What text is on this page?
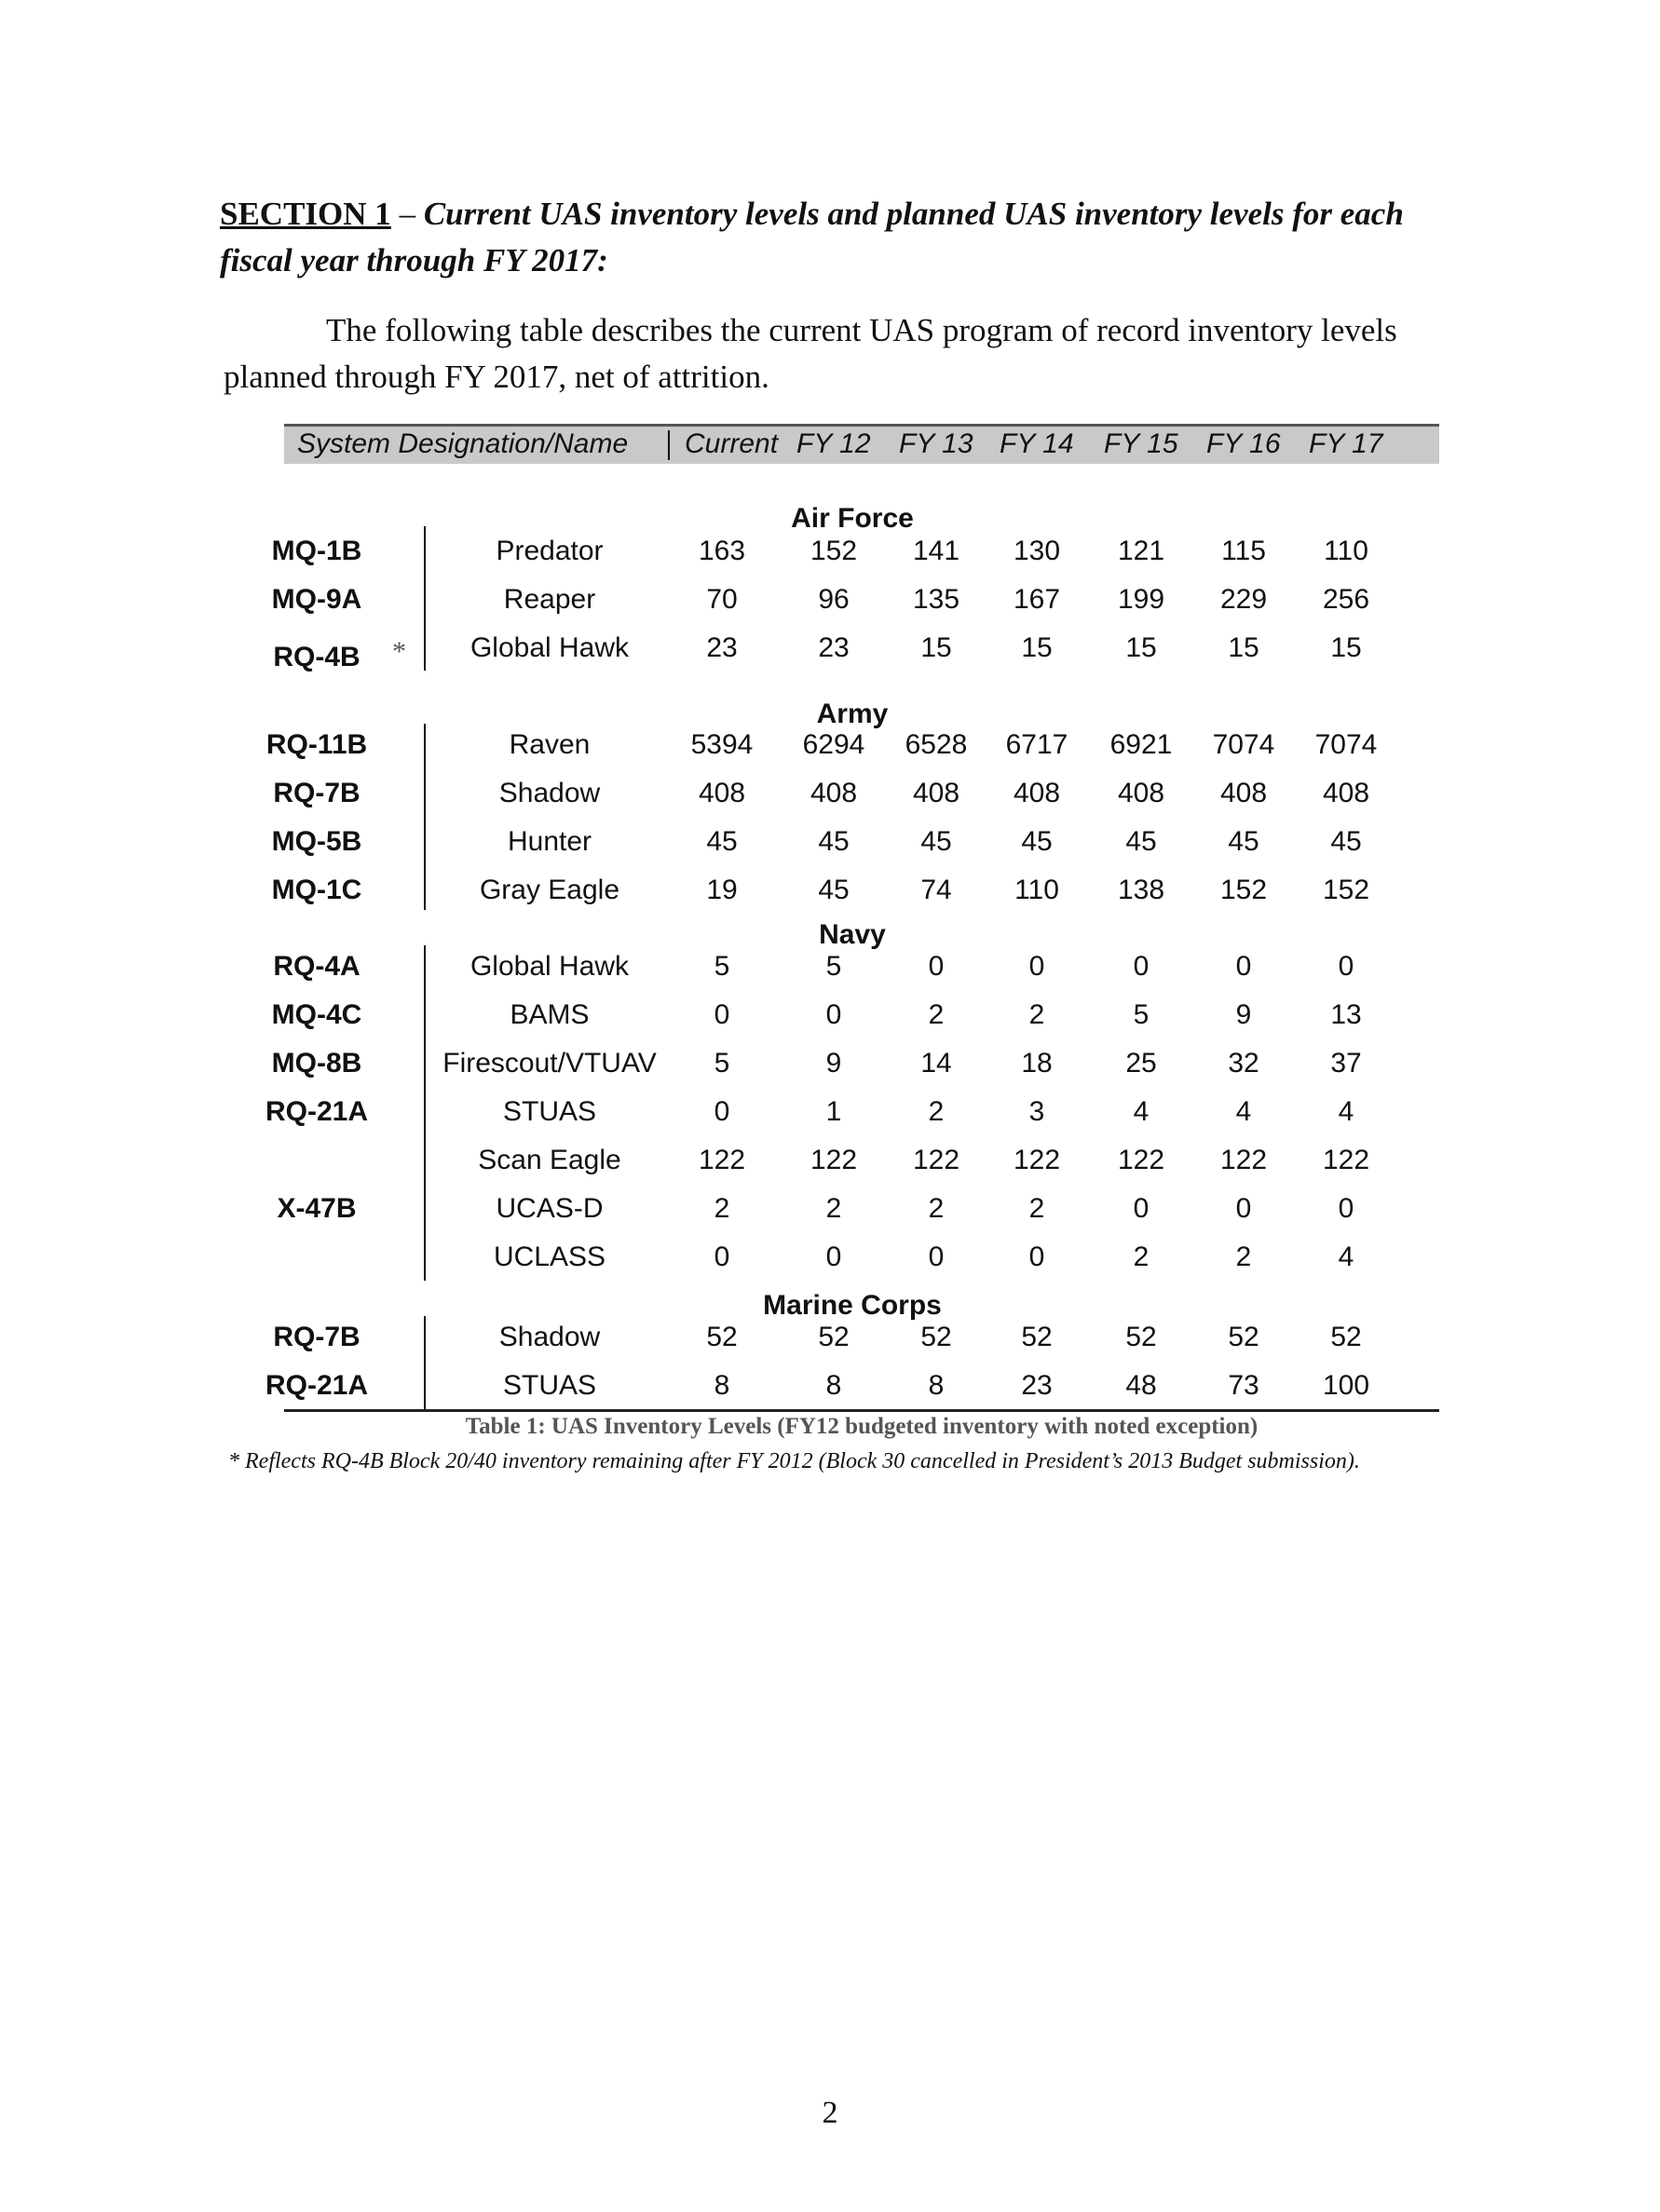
SECTION 1 – Current UAS inventory levels and planned UAS inventory levels for each fiscal year through FY 2017:
The following table describes the current UAS program of record inventory levels planned through FY 2017, net of attrition.
System Designation/Name Current FY 12 FY 13 FY 14 FY 15 FY 16 FY 17
Air Force
MQ-1B	Predator	163	152	141	130	121	115	110
MQ-9A	Reaper	70	96	135	167	199	229	256
RQ-4B	*	Global Hawk	23	23	15	15	15	15	15
Army
RQ-11B	Raven	5394	6294	6528	6717	6921	7074	7074
RQ-7B	Shadow	408	408	408	408	408	408	408
MQ-5B	Hunter	45	45	45	45	45	45	45
MQ-1C	Gray Eagle	19	45	74	110	138	152	152
Navy
RQ-4A	Global Hawk	5	5	0	0	0	0	0
MQ-4C	BAMS	0	0	2	2	5	9	13
MQ-8B	Firescout/VTUAV	5	9	14	18	25	32	37
RQ-21A	STUAS	0	1	2	3	4	4	4
Scan Eagle	122	122	122	122	122	122	122
X-47B	UCAS-D	2	2	2	2	0	0	0
UCLASS	0	0	0	0	2	2	4
Marine Corps
RQ-7B	Shadow	52	52	52	52	52	52	52
RQ-21A	STUAS	8	8	8	23	48	73	100
Table 1: UAS Inventory Levels (FY12 budgeted inventory with noted exception)
* Reflects RQ-4B Block 20/40 inventory remaining after FY 2012 (Block 30 cancelled in President’s 2013 Budget submission).
2
